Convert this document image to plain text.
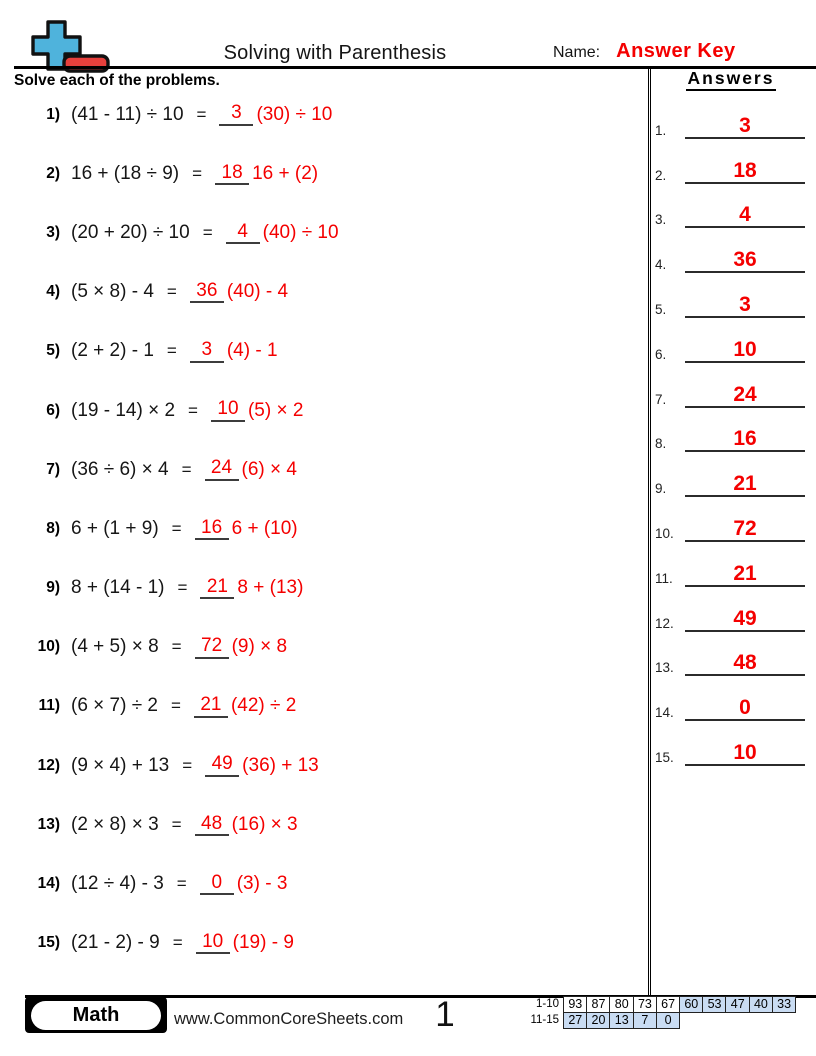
Solving with Parenthesis	Name: Answer Key
Solve each of the problems.
1) (41 - 11) ÷ 10 =	3 (30) ÷ 10
2) 16 + (18 ÷ 9) =	18 16 + (2)
3) (20 + 20) ÷ 10 =	4 (40) ÷ 10
4) (5 × 8) - 4 =	36 (40) - 4
5) (2 + 2) - 1 =	3 (4) - 1
6) (19 - 14) × 2 =	10 (5) × 2
7) (36 ÷ 6) × 4 =	24 (6) × 4
8) 6 + (1 + 9) =	16 6 + (10)
9) 8 + (14 - 1) =	21 8 + (13)
10) (4 + 5) × 8 =	72 (9) × 8
11) (6 × 7) ÷ 2 =	21 (42) ÷ 2
12) (9 × 4) + 13 =	49 (36) + 13
13) (2 × 8) × 3 =	48 (16) × 3
14) (12 ÷ 4) - 3 =	0 (3) - 3
15) (21 - 2) - 9 =	10 (19) - 9
Answers
1.	3
2.	18
3.	4
4.	36
5.	3
6.	10
7.	24
8.	16
9.	21
10.	72
11.	21
12.	49
13.	48
14.	0
15.	10
Math	www.CommonCoreSheets.com 1	1-10 93 87 80 73 67 60 53 47 40 33
11-15 27 20 13	7	0
